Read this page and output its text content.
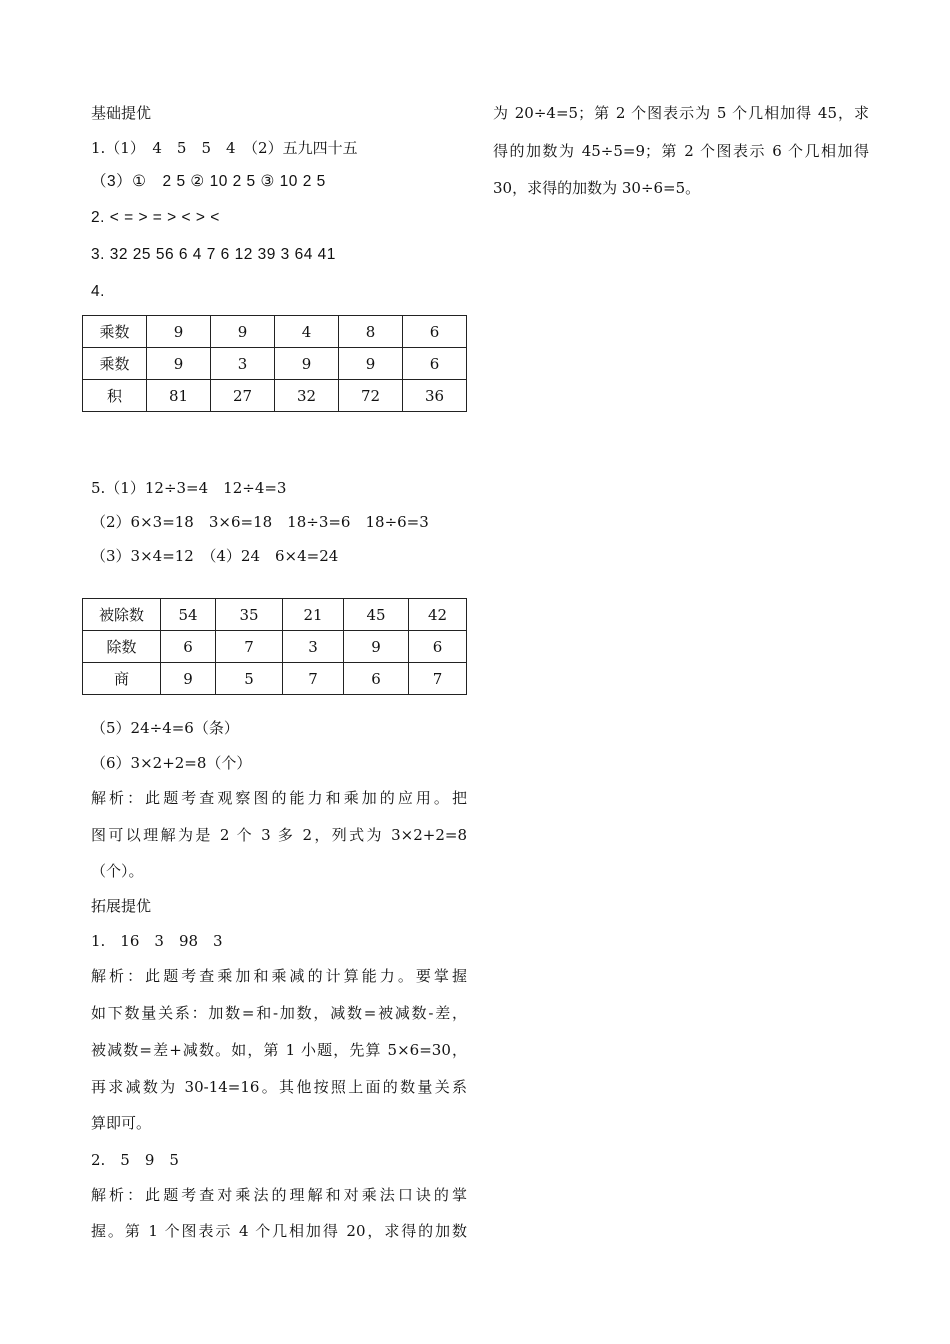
基础提优
1.（1）　4　5　5　4　（2）五九四十五
（3）①　2 5 ② 10 2 5 ③ 10 2 5
2. < = > = > < > <
3. 32 25 56 6 4 7 6 12 39 3 64 41
4.
乘数	9	9	4	8	6
乘数	9	3	9	9	6
积	81	27	32	72	36
5.（1）12÷3=4　12÷4=3
（2）6×3=18　3×6=18　18÷3=6　18÷6=3
（3）3×4=12　（4）24　6×4=24
被除数	54	35	21	45	42
除数	6	7	3	9	6
商	9	5	7	6	7
（5）24÷4=6（条）
（6）3×2+2=8（个）
解析：此题考查观察图的能力和乘加的应用。把
图可以理解为是 2 个 3 多 2，列式为 3×2+2=8
（个）。
拓展提优
1.　16　3　98　3
解析：此题考查乘加和乘减的计算能力。要掌握
如下数量关系：加数=和-加数，减数=被减数-差，
被减数=差+减数。如，第 1 小题，先算 5×6=30，
再求减数为 30-14=16。其他按照上面的数量关系
算即可。
2.　5　9　5
解析：此题考查对乘法的理解和对乘法口诀的掌
握。第 1 个图表示 4 个几相加得 20，求得的加数
为 20÷4=5；第 2 个图表示为 5 个几相加得 45，求
得的加数为 45÷5=9；第 2 个图表示 6 个几相加得
30，求得的加数为 30÷6=5。
